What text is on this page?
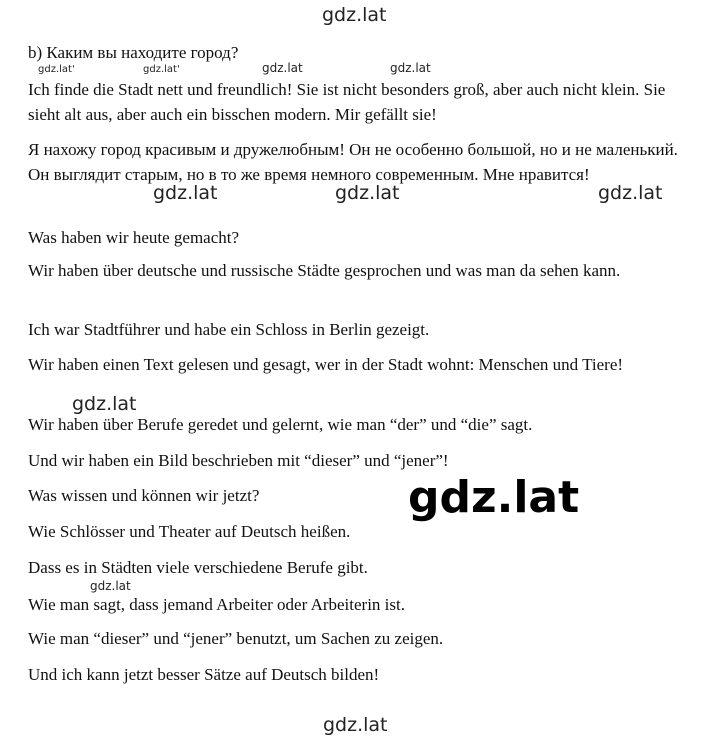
gdz.lat

b) Каким вы находите город?

gdz.lat'	gdz.lat'	gdz.lat	gdz.lat

Ich finde die Stadt nett und freundlich! Sie ist nicht besonders groß, aber auch nicht klein. Sie sieht alt aus, aber auch ein bisschen modern. Mir gefällt sie!

Я нахожу город красивым и дружелюбным! Он не особенно большой, но и не маленький. Он выглядит старым, но в то же время немного современным. Мне нравится!

gdz.lat	gdz.lat	gdz.lat

Was haben wir heute gemacht?

Wir haben über deutsche und russische Städte gesprochen und was man da sehen kann.

Ich war Stadtführer und habe ein Schloss in Berlin gezeigt.

Wir haben einen Text gelesen und gesagt, wer in der Stadt wohnt: Menschen und Tiere!

gdz.lat

Wir haben über Berufe geredet und gelernt, wie man “der” und “die” sagt.

Und wir haben ein Bild beschrieben mit “dieser” und “jener”!

Was wissen und können wir jetzt?	gdz.lat

Wie Schlösser und Theater auf Deutsch heißen.

Dass es in Städten viele verschiedene Berufe gibt.

gdz.lat

Wie man sagt, dass jemand Arbeiter oder Arbeiterin ist.

Wie man “dieser” und “jener” benutzt, um Sachen zu zeigen.

Und ich kann jetzt besser Sätze auf Deutsch bilden!

gdz.lat
